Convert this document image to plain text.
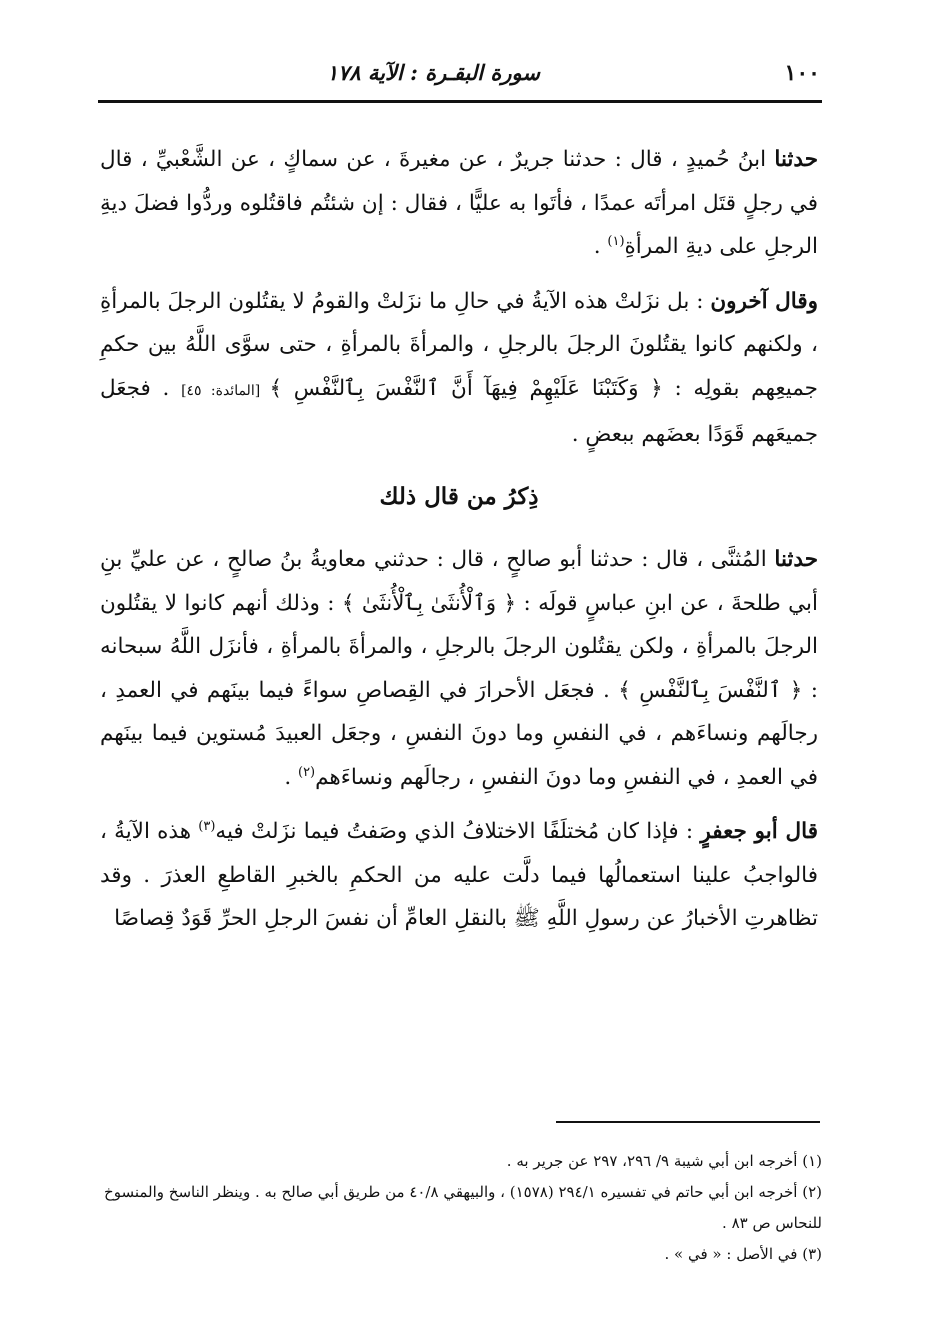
١٠٠
سورة البقـرة : الآية ١٧٨

حدثنا ابنُ حُميدٍ ، قال : حدثنا جريرٌ ، عن مغيرةَ ، عن سماكٍ ، عن الشَّعْبيِّ ، قال في رجلٍ قتَل امرأتَه عمدًا ، فأتَوا به عليًّا ، فقال : إن شئتُم فاقتُلوه وردُّوا فضلَ ديةِ الرجلِ على ديةِ المرأةِ$^{(١)}$ .

وقال آخرون : بل نزَلتْ هذه الآيةُ في حالِ ما نزَلتْ والقومُ لا يقتُلون الرجلَ بالمرأةِ ، ولكنهم كانوا يقتُلونَ الرجلَ بالرجلِ ، والمرأةَ بالمرأةِ ، حتى سوَّى اللَّهُ بين حكمِ جميعِهم بقولِه : ﴿ وَكَتَبْنَا عَلَيْهِمْ فِيهَآ أَنَّ ٱلنَّفْسَ بِٱلنَّفْسِ ﴾ [المائدة: ٤٥] . فجعَل جميعَهم قَوَدًا بعضَهم ببعضٍ .

ذِكرُ من قال ذلك

حدثنا المُثنَّى ، قال : حدثنا أبو صالحٍ ، قال : حدثني معاويةُ بنُ صالحٍ ، عن عليِّ بنِ أبي طلحةَ ، عن ابنِ عباسٍ قولَه : ﴿ وَٱلْأُنثَىٰ بِٱلْأُنثَىٰ ﴾ : وذلك أنهم كانوا لا يقتُلون الرجلَ بالمرأةِ ، ولكن يقتُلون الرجلَ بالرجلِ ، والمرأةَ بالمرأةِ ، فأنزَل اللَّهُ سبحانه : ﴿ ٱلنَّفْسَ بِٱلنَّفْسِ ﴾ . فجعَل الأحرارَ في القِصاصِ سواءً فيما بينَهم في العمدِ ، رجالَهم ونساءَهم ، في النفسِ وما دونَ النفسِ ، وجعَل العبيدَ مُستوين فيما بينَهم في العمدِ ، في النفسِ وما دونَ النفسِ ، رجالَهم ونساءَهم$^{(٢)}$ .

قال أبو جعفرٍ : فإذا كان مُختلَفًا الاختلافُ الذي وصَفتُ فيما نزَلتْ فيه$^{(٣)}$ هذه الآيةُ ، فالواجبُ علينا استعمالُها فيما دلَّت عليه من الحكمِ بالخبرِ القاطعِ العذرَ . وقد تظاهرتِ الأخبارُ عن رسولِ اللَّهِ ﷺ بالنقلِ العامِّ أن نفسَ الرجلِ الحرِّ قَوَدٌ قِصاصًا

(١) أخرجه ابن أبي شيبة ٩/ ٢٩٦، ٢٩٧ عن جرير به .

(٢) أخرجه ابن أبي حاتم في تفسيره ٢٩٤/١ (١٥٧٨) ، والبيهقي ٤٠/٨ من طريق أبي صالح به . وينظر الناسخ والمنسوخ للنحاس ص ٨٣ .

(٣) في الأصل : « في » .
